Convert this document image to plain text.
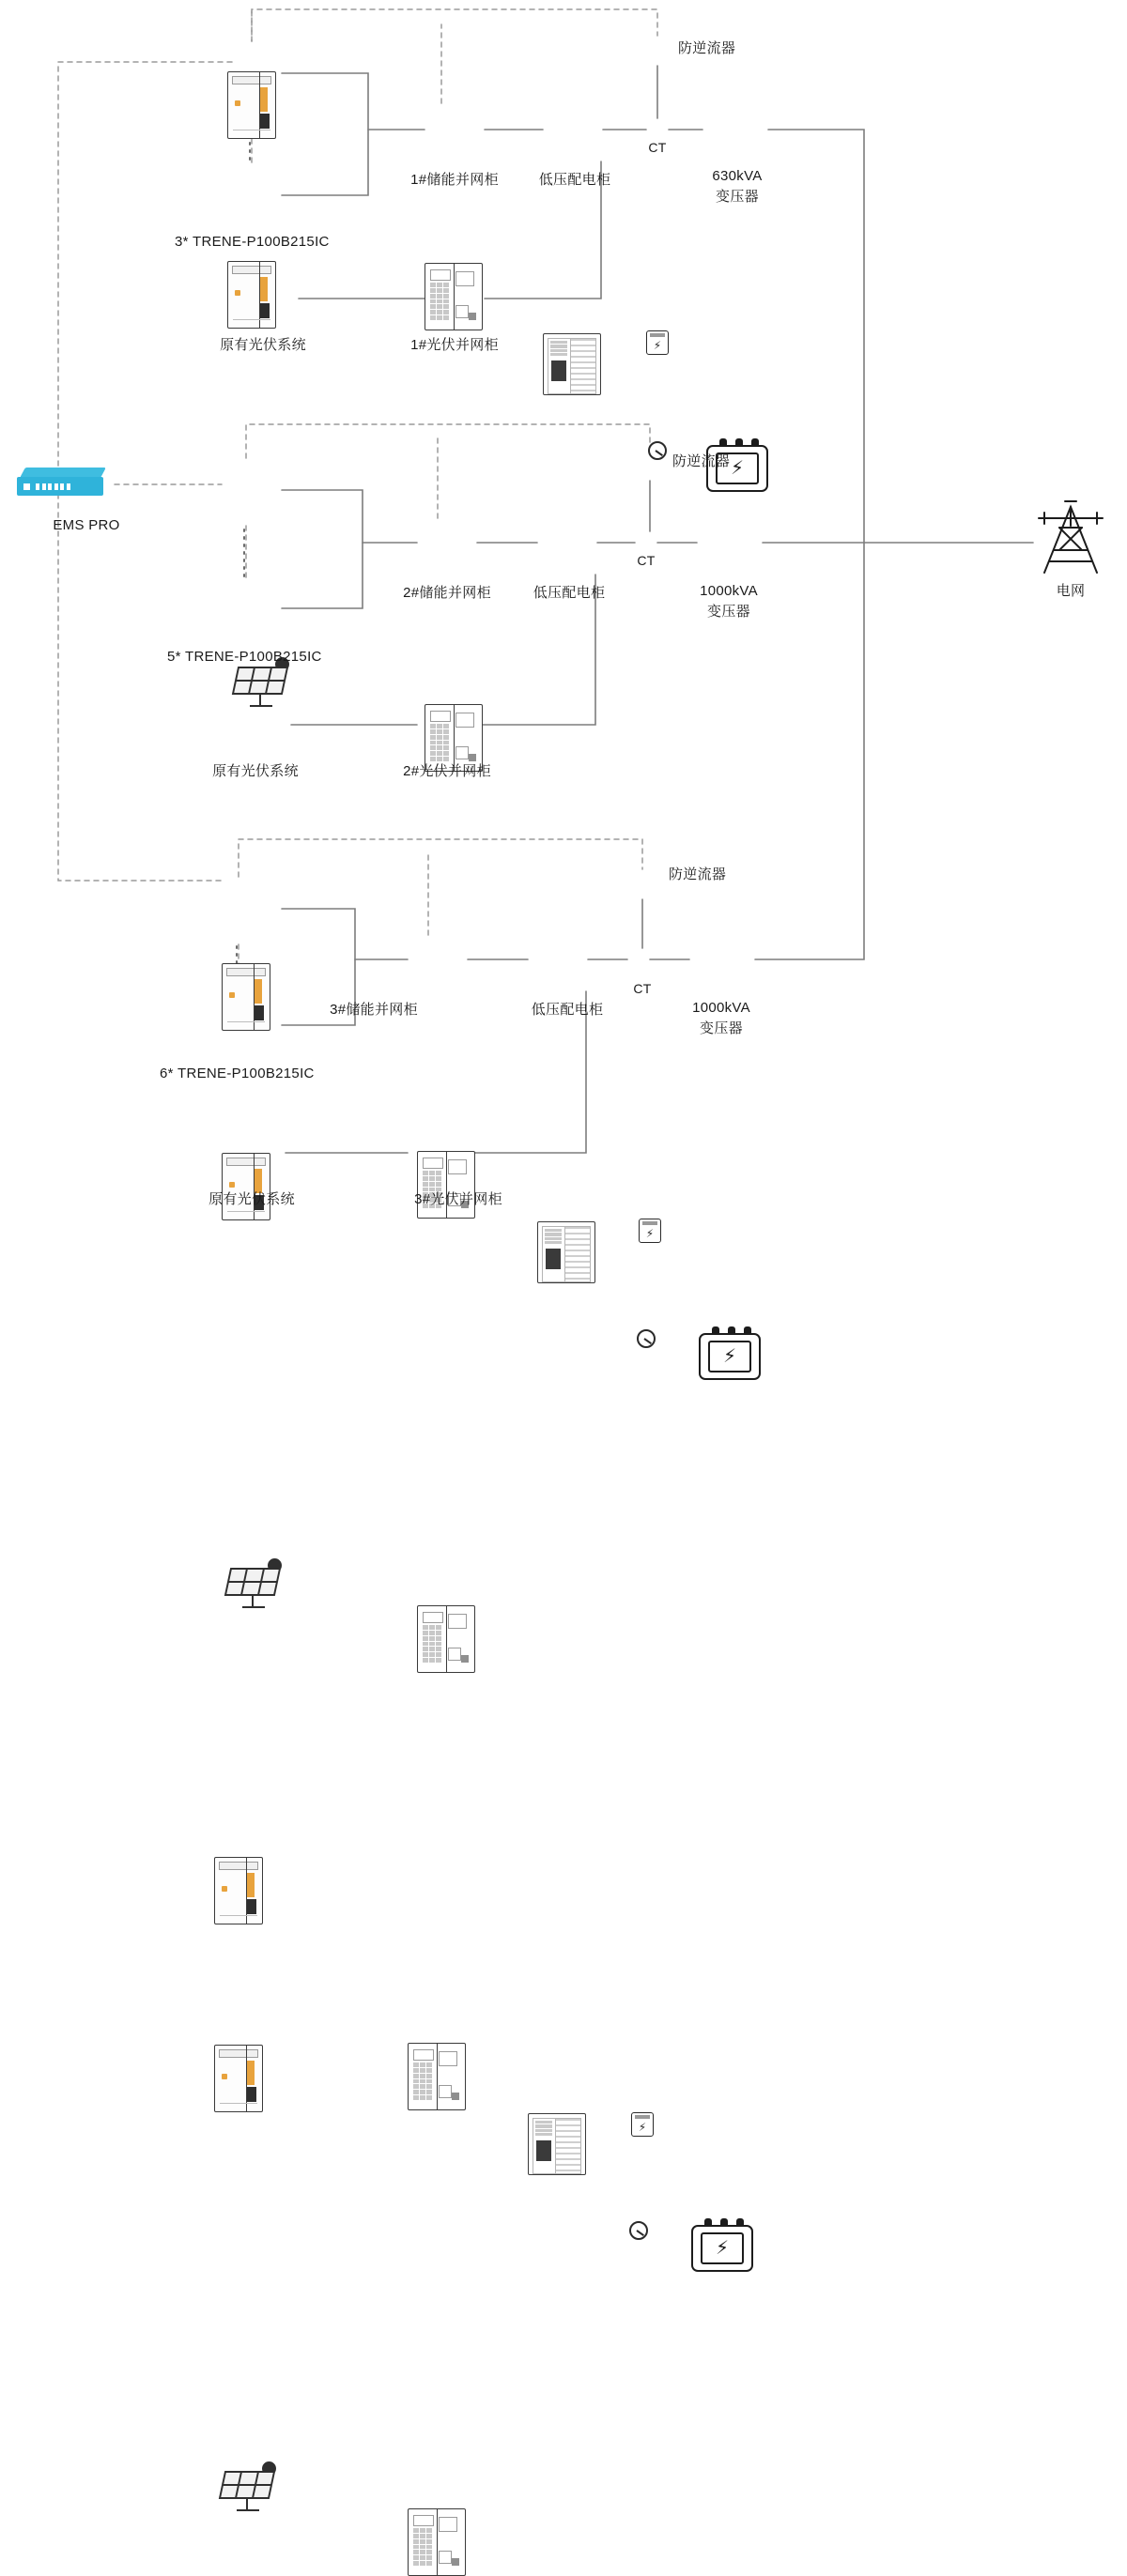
EMS PRO
3* TRENE-P100B215IC
1#储能并网柜	低压配电柜
⚡
防逆流器
CT
⚡
630kVA
变压器
原有光伏系统	1#光伏并网柜
5* TRENE-P100B215IC
2#储能并网柜	低压配电柜
⚡
防逆流器
CT
⚡
1000kVA
变压器
原有光伏系统	2#光伏并网柜
6* TRENE-P100B215IC
3#储能并网柜	低压配电柜
⚡
防逆流器
CT
⚡
1000kVA
变压器
原有光伏系统	3#光伏并网柜
电网
